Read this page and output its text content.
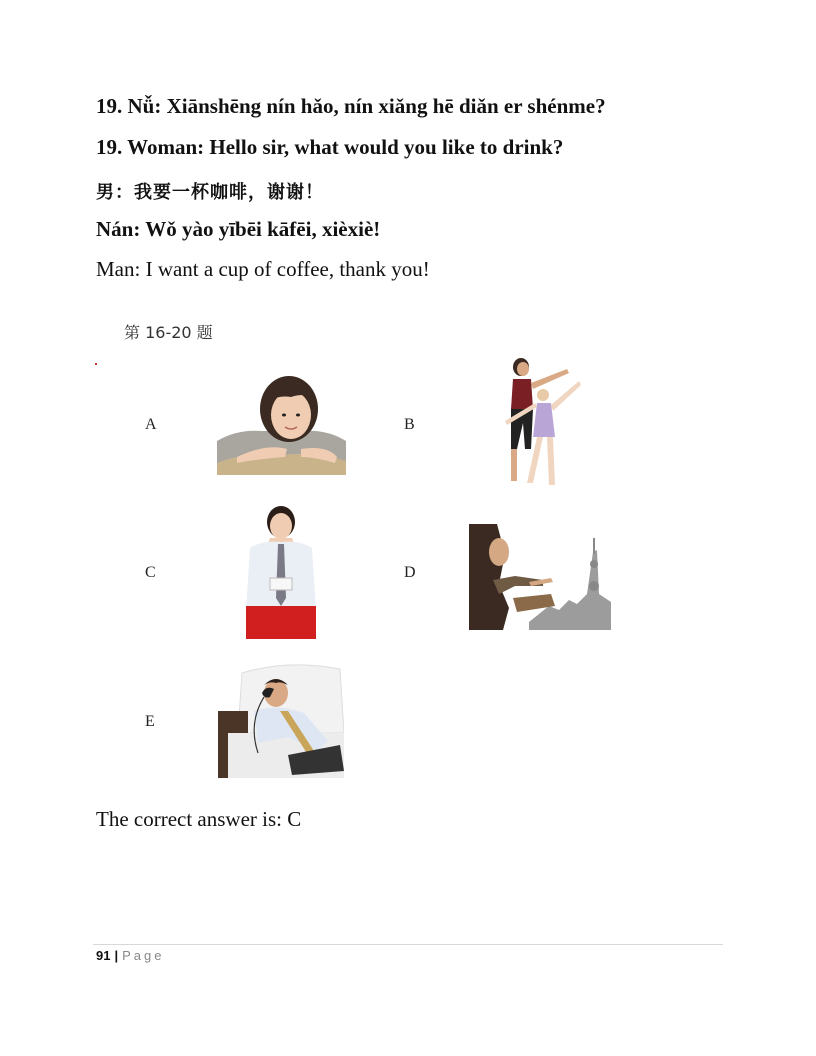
19. Nǚ: Xiānshēng nín hǎo, nín xiǎng hē diǎn er shénme?
19. Woman: Hello sir, what would you like to drink?
男：我要一杯咖啡，谢谢！
Nán: Wǒ yào yībēi kāfēi, xièxiè!
Man: I want a cup of coffee, thank you!
第 16-20 题
A	B
C	D
E
The correct answer is: C
91 | Page
